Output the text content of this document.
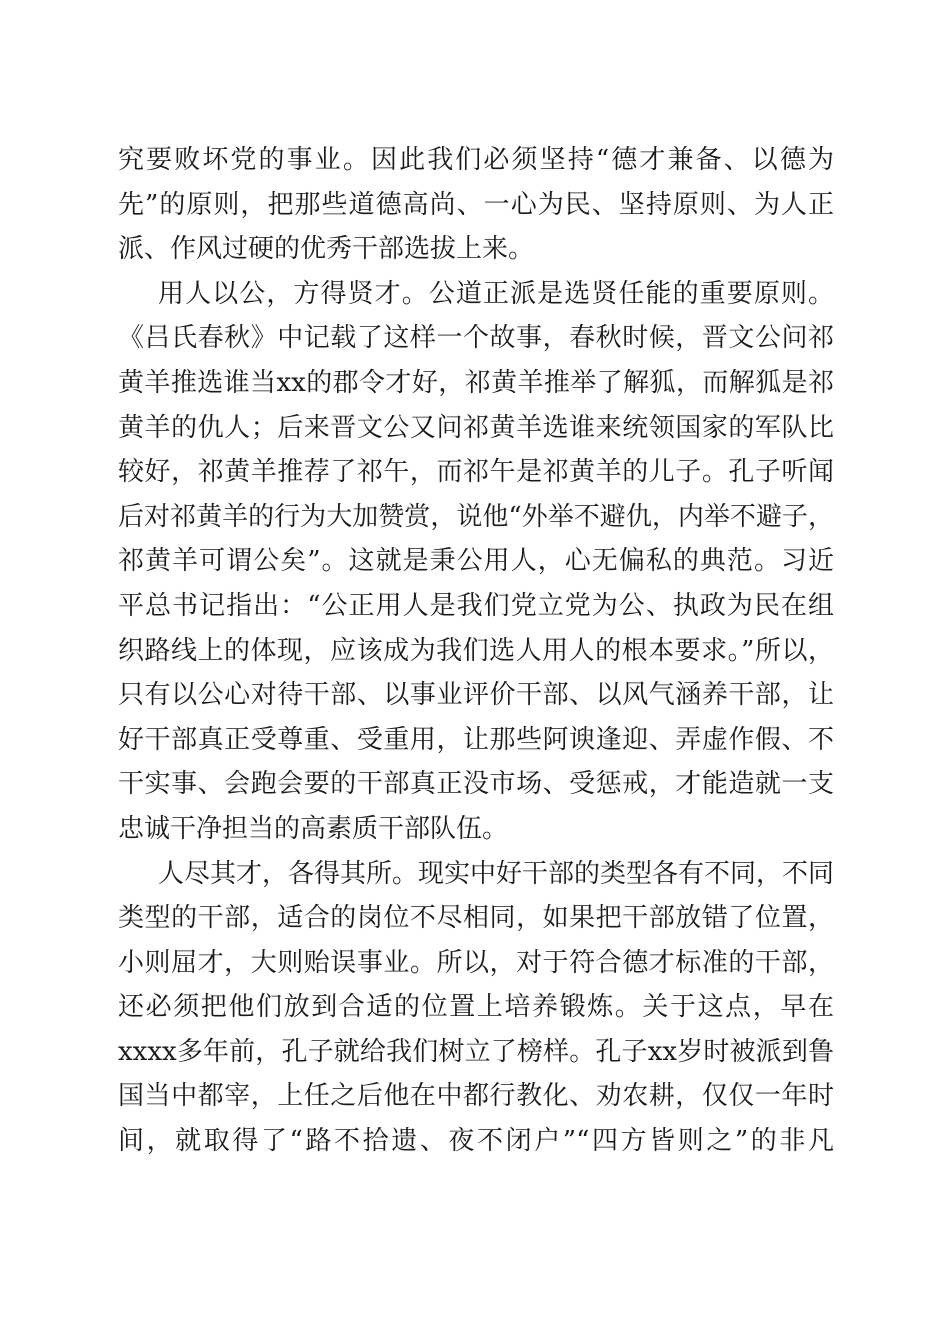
究要败坏党的事业。因此我们必须坚持“德才兼备、以德为
先”的原则，把那些道德高尚、一心为民、坚持原则、为人正
派、作风过硬的优秀干部选拔上来。
用人以公，方得贤才。公道正派是选贤任能的重要原则。
《吕氏春秋》中记载了这样一个故事，春秋时候，晋文公问祁
黄羊推选谁当xx的郡令才好，祁黄羊推举了解狐，而解狐是祁
黄羊的仇人；后来晋文公又问祁黄羊选谁来统领国家的军队比
较好，祁黄羊推荐了祁午，而祁午是祁黄羊的儿子。孔子听闻
后对祁黄羊的行为大加赞赏，说他“外举不避仇，内举不避子，
祁黄羊可谓公矣”。这就是秉公用人，心无偏私的典范。习近
平总书记指出：“公正用人是我们党立党为公、执政为民在组
织路线上的体现，应该成为我们选人用人的根本要求。”所以，
只有以公心对待干部、以事业评价干部、以风气涵养干部，让
好干部真正受尊重、受重用，让那些阿谀逢迎、弄虚作假、不
干实事、会跑会要的干部真正没市场、受惩戒，才能造就一支
忠诚干净担当的高素质干部队伍。
人尽其才，各得其所。现实中好干部的类型各有不同，不同
类型的干部，适合的岗位不尽相同，如果把干部放错了位置，
小则屈才，大则贻误事业。所以，对于符合德才标准的干部，
还必须把他们放到合适的位置上培养锻炼。关于这点，早在
xxxx多年前，孔子就给我们树立了榜样。孔子xx岁时被派到鲁
国当中都宰，上任之后他在中都行教化、劝农耕，仅仅一年时
间，就取得了“路不拾遗、夜不闭户”“四方皆则之”的非凡
